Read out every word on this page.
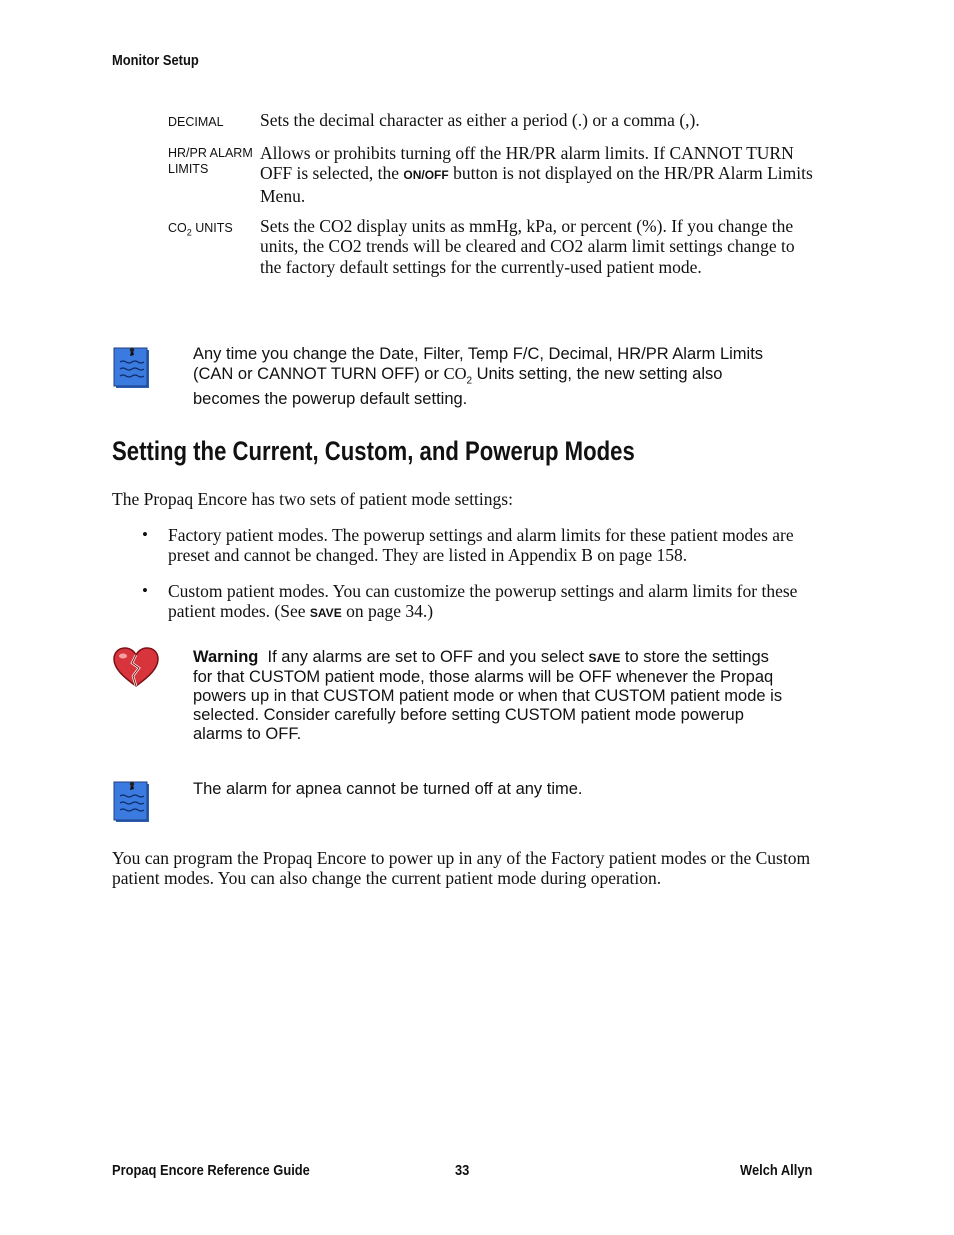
Monitor Setup
DECIMAL Sets the decimal character as either a period (.) or a comma (,).
HR/PR ALARM
LIMITS
Allows or prohibits turning off the HR/PR alarm limits. If CANNOT TURN OFF is selected, the ON/OFF button is not displayed on the HR/PR Alarm Limits Menu.
$CO_2$ UNITS Sets the CO2 display units as mmHg, kPa, or percent (%). If you change the units, the CO2 trends will be cleared and CO2 alarm limit settings change to the factory default settings for the currently-used patient mode.
Any time you change the Date, Filter, Temp F/C, Decimal, HR/PR Alarm Limits (CAN or CANNOT TURN OFF) or $CO_2$ Units setting, the new setting also becomes the powerup default setting.
Setting the Current, Custom, and Powerup Modes
The Propaq Encore has two sets of patient mode settings:
• Factory patient modes. The powerup settings and alarm limits for these patient modes are preset and cannot be changed. They are listed in Appendix B on page 158.
• Custom patient modes. You can customize the powerup settings and alarm limits for these patient modes. (See SAVE on page 34.)
Warning  If any alarms are set to OFF and you select SAVE to store the settings for that CUSTOM patient mode, those alarms will be OFF whenever the Propaq powers up in that CUSTOM patient mode or when that CUSTOM patient mode is selected. Consider carefully before setting CUSTOM patient mode powerup alarms to OFF.
The alarm for apnea cannot be turned off at any time.
You can program the Propaq Encore to power up in any of the Factory patient modes or the Custom patient modes. You can also change the current patient mode during operation.
Propaq Encore Reference Guide	33	Welch Allyn
